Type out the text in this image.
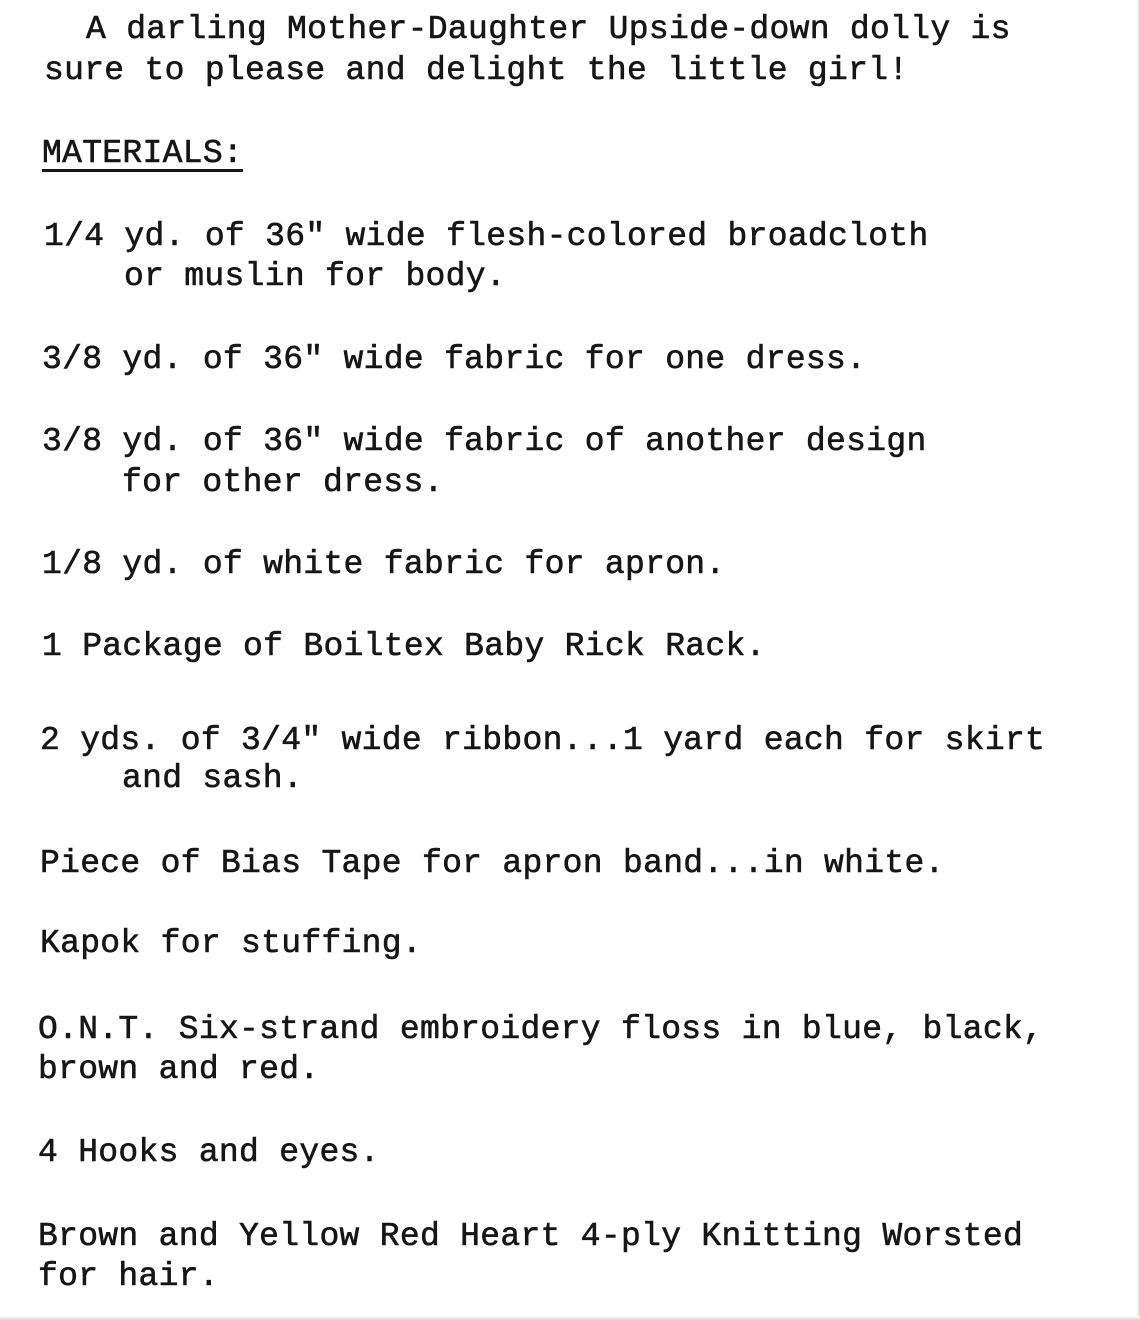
A darling Mother-Daughter Upside-down dolly is
sure to please and delight the little girl!
MATERIALS:
1/4 yd. of 36" wide flesh-colored broadcloth
or muslin for body.
3/8 yd. of 36" wide fabric for one dress.
3/8 yd. of 36" wide fabric of another design
for other dress.
1/8 yd. of white fabric for apron.
1 Package of Boiltex Baby Rick Rack.
2 yds. of 3/4" wide ribbon...1 yard each for skirt
and sash.
Piece of Bias Tape for apron band...in white.
Kapok for stuffing.
O.N.T. Six-strand embroidery floss in blue, black,
brown and red.
4 Hooks and eyes.
Brown and Yellow Red Heart 4-ply Knitting Worsted
for hair.
